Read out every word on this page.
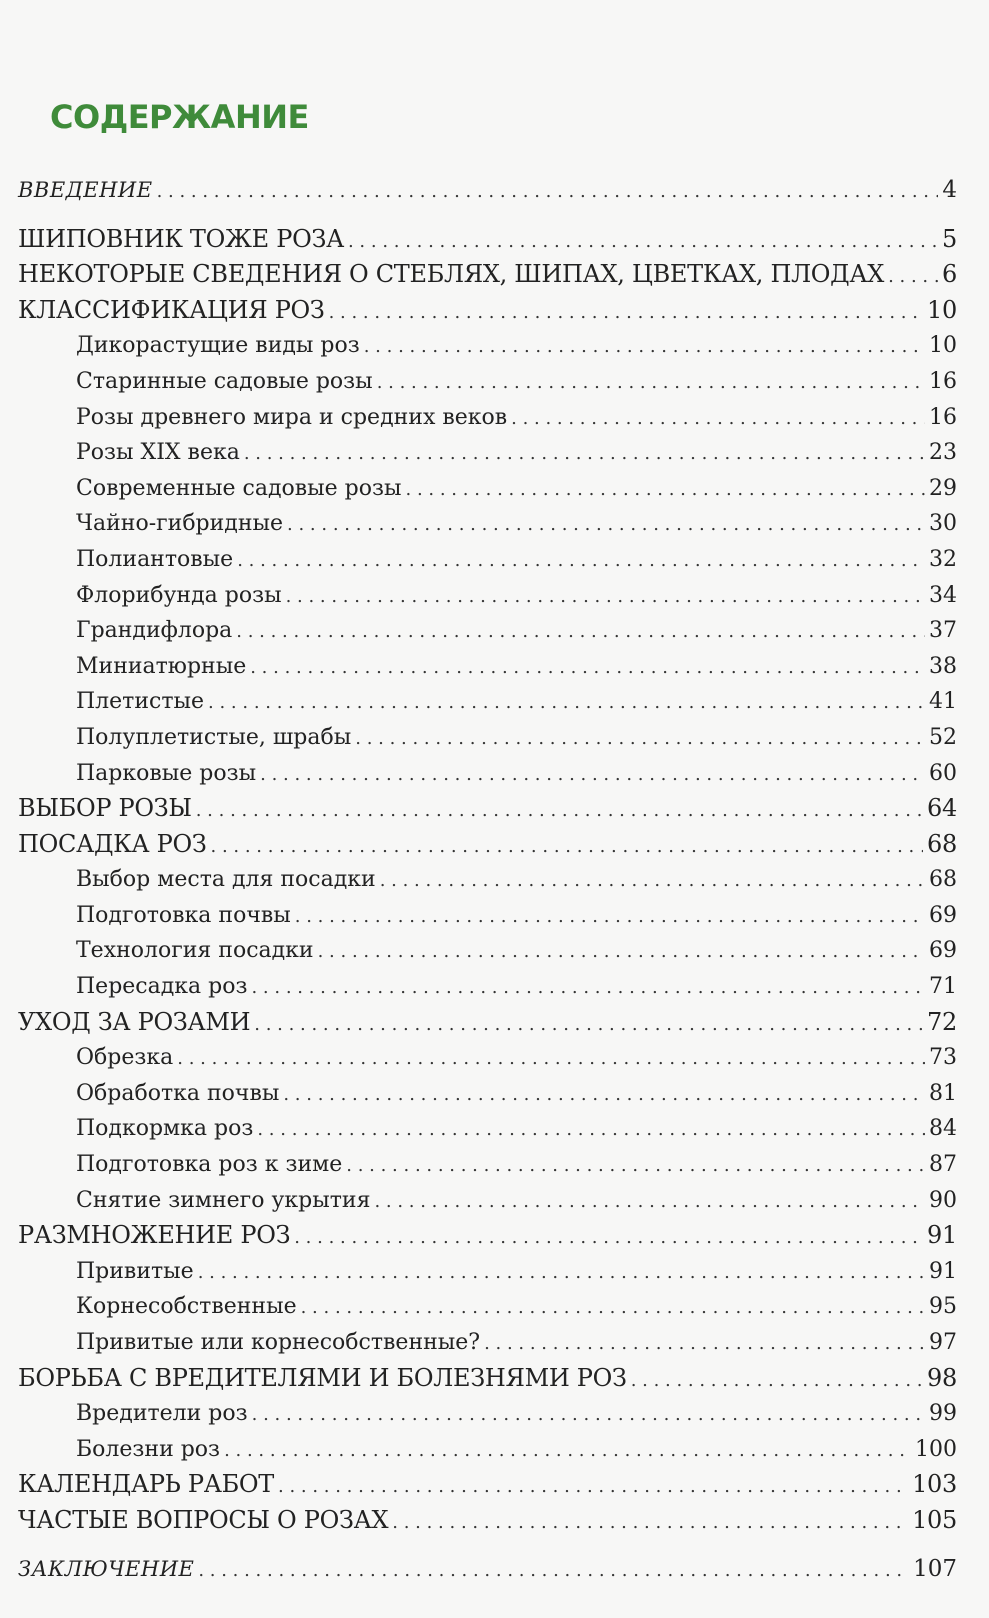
СОДЕРЖАНИЕ
ВВЕДЕНИЕ . . .	4
ШИПОВНИК ТОЖЕ РОЗА . . .	5
НЕКОТОРЫЕ СВЕДЕНИЯ О СТЕБЛЯХ, ШИПАХ, ЦВЕТКАХ, ПЛОДАХ . . . 6
КЛАССИФИКАЦИЯ РОЗ . . .	10
Дикорастущие виды роз . . .	10
Старинные садовые розы . . .	16
Розы древнего мира и средних веков . . .	16
Розы XIX века . . .	23
Современные садовые розы . . .	29
Чайно-гибридные . . .	30
Полиантовые . . .	32
Флорибунда розы . . .	34
Грандифлора . . .	37
Миниатюрные . . .	38
Плетистые . . .	41
Полуплетистые, шрабы . . .	52
Парковые розы . . .	60
ВЫБОР РОЗЫ . . .	64
ПОСАДКА РОЗ . . .	68
Выбор места для посадки . . .	68
Подготовка почвы . . .	69
Технология посадки . . .	69
Пересадка роз . . .	71
УХОД ЗА РОЗАМИ . . .	72
Обрезка . . .	73
Обработка почвы . . .	81
Подкормка роз . . .	84
Подготовка роз к зиме . . .	87
Снятие зимнего укрытия . . .	90
РАЗМНОЖЕНИЕ РОЗ . . .	91
Привитые . . .	91
Корнесобственные . . .	95
Привитые или корнесобственные? . . .	97
БОРЬБА С ВРЕДИТЕЛЯМИ И БОЛЕЗНЯМИ РОЗ . . .	98
Вредители роз . . .	99
Болезни роз . . .	100
КАЛЕНДАРЬ РАБОТ . . .	103
ЧАСТЫЕ ВОПРОСЫ О РОЗАХ . . .	105
ЗАКЛЮЧЕНИЕ . . .	107
